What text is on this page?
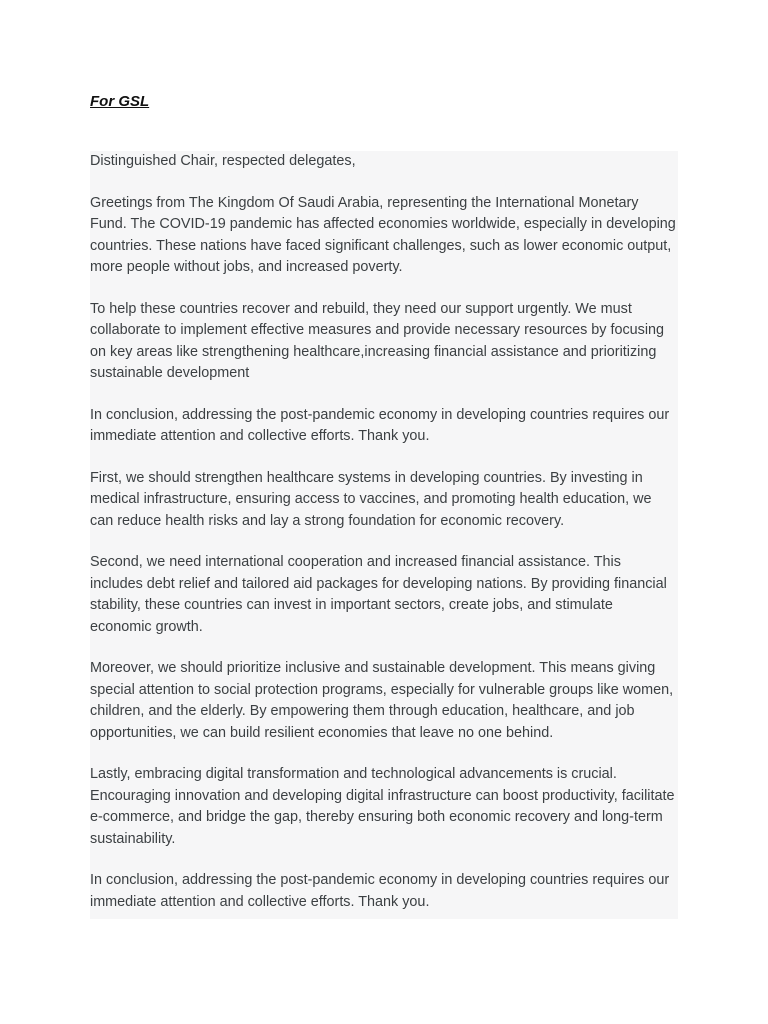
For GSL

Distinguished Chair, respected delegates,

Greetings from The Kingdom Of Saudi Arabia, representing the International Monetary Fund. The COVID-19 pandemic has affected economies worldwide, especially in developing countries. These nations have faced significant challenges, such as lower economic output, more people without jobs, and increased poverty.

To help these countries recover and rebuild, they need our support urgently. We must collaborate to implement effective measures and provide necessary resources by focusing on key areas like strengthening healthcare,increasing financial assistance and prioritizing sustainable development

In conclusion, addressing the post-pandemic economy in developing countries requires our immediate attention and collective efforts. Thank you.

First, we should strengthen healthcare systems in developing countries. By investing in medical infrastructure, ensuring access to vaccines, and promoting health education, we can reduce health risks and lay a strong foundation for economic recovery.

Second, we need international cooperation and increased financial assistance. This includes debt relief and tailored aid packages for developing nations. By providing financial stability, these countries can invest in important sectors, create jobs, and stimulate economic growth.

Moreover, we should prioritize inclusive and sustainable development. This means giving special attention to social protection programs, especially for vulnerable groups like women, children, and the elderly. By empowering them through education, healthcare, and job opportunities, we can build resilient economies that leave no one behind.

Lastly, embracing digital transformation and technological advancements is crucial. Encouraging innovation and developing digital infrastructure can boost productivity, facilitate e-commerce, and bridge the gap, thereby ensuring both economic recovery and long-term sustainability.

In conclusion, addressing the post-pandemic economy in developing countries requires our immediate attention and collective efforts. Thank you.
